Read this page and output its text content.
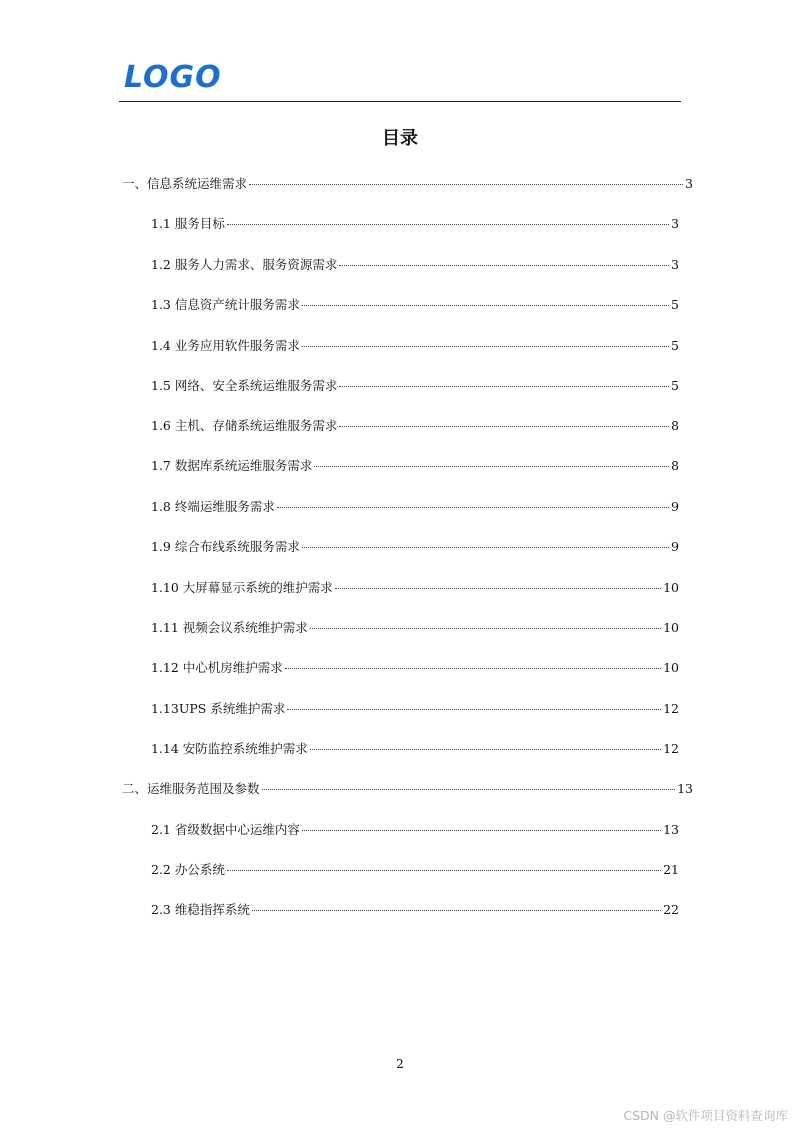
LOGO
目录
一、信息系统运维需求	3
1.1 服务目标	3
1.2 服务人力需求、服务资源需求	3
1.3 信息资产统计服务需求	5
1.4 业务应用软件服务需求	5
1.5 网络、安全系统运维服务需求	5
1.6 主机、存储系统运维服务需求	8
1.7 数据库系统运维服务需求	8
1.8 终端运维服务需求	9
1.9 综合布线系统服务需求	9
1.10 大屏幕显示系统的维护需求	10
1.11 视频会议系统维护需求	10
1.12 中心机房维护需求	10
1.13UPS 系统维护需求	12
1.14 安防监控系统维护需求	12
二、运维服务范围及参数	13
2.1 省级数据中心运维内容	13
2.2 办公系统	21
2.3 维稳指挥系统	22
2
CSDN @软件项目资料查询库
